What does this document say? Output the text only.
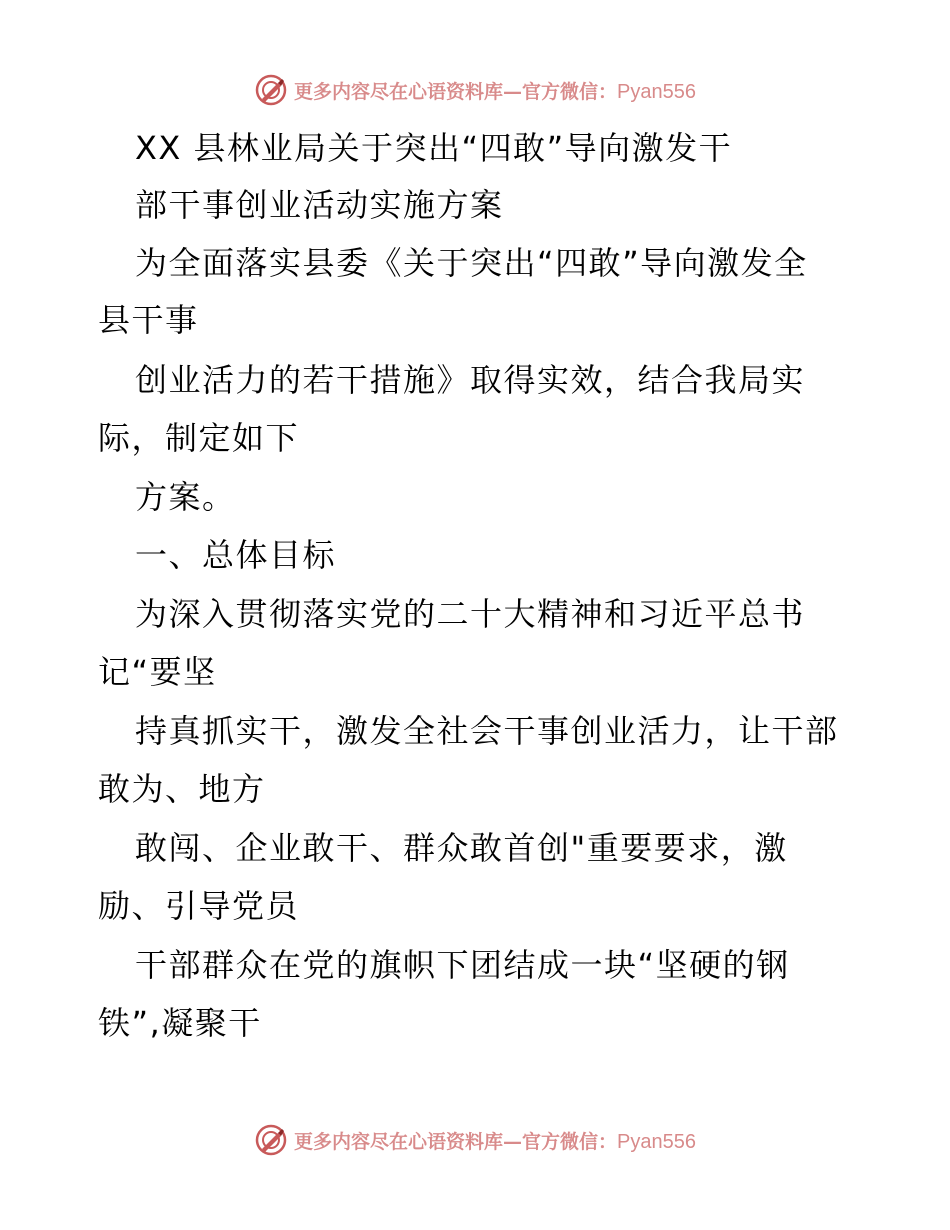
更多内容尽在心语资料库—官方微信：Pyan556
XX 县林业局关于突出“四敢”导向激发干
部干事创业活动实施方案
为全面落实县委《关于突出“四敢”导向激发全
县干事
创业活力的若干措施》取得实效，结合我局实
际，制定如下
方案。
一、总体目标
为深入贯彻落实党的二十大精神和习近平总书
记“要坚
持真抓实干，激发全社会干事创业活力，让干部
敢为、地方
敢闯、企业敢干、群众敢首创"重要要求，激
励、引导党员
干部群众在党的旗帜下团结成一块“坚硬的钢
铁”,凝聚干
更多内容尽在心语资料库—官方微信：Pyan556
